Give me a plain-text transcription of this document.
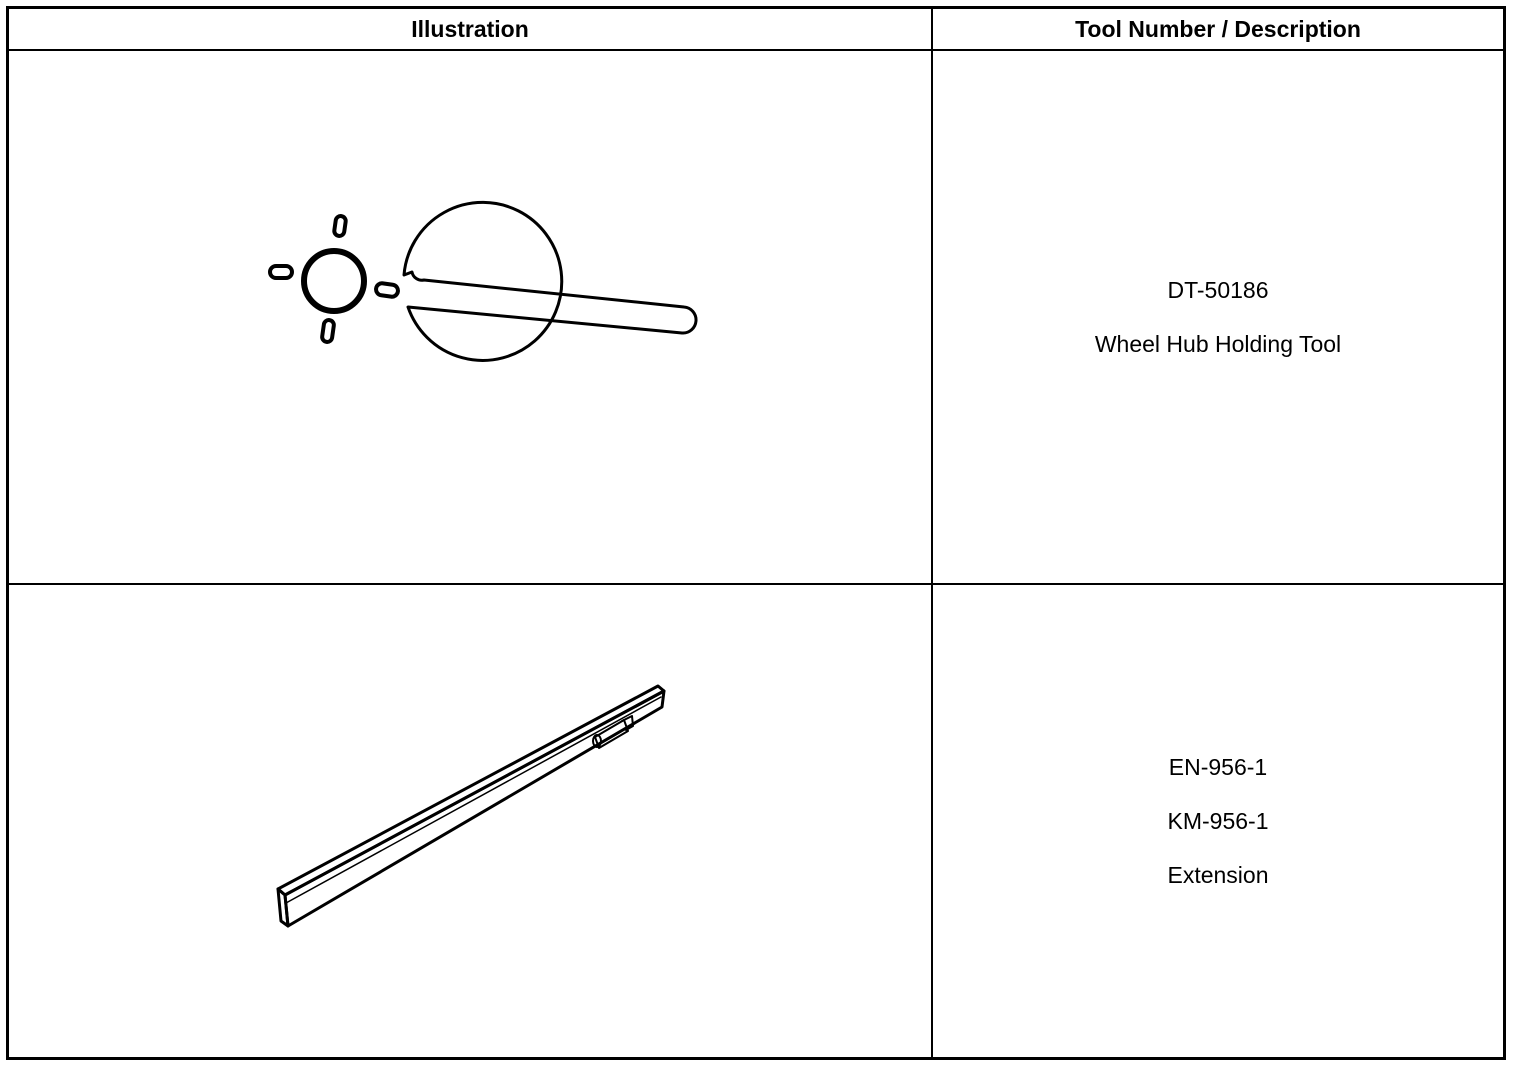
Illustration	Tool Number / Description
DT-50186
Wheel Hub Holding Tool
EN-956-1
KM-956-1
Extension
